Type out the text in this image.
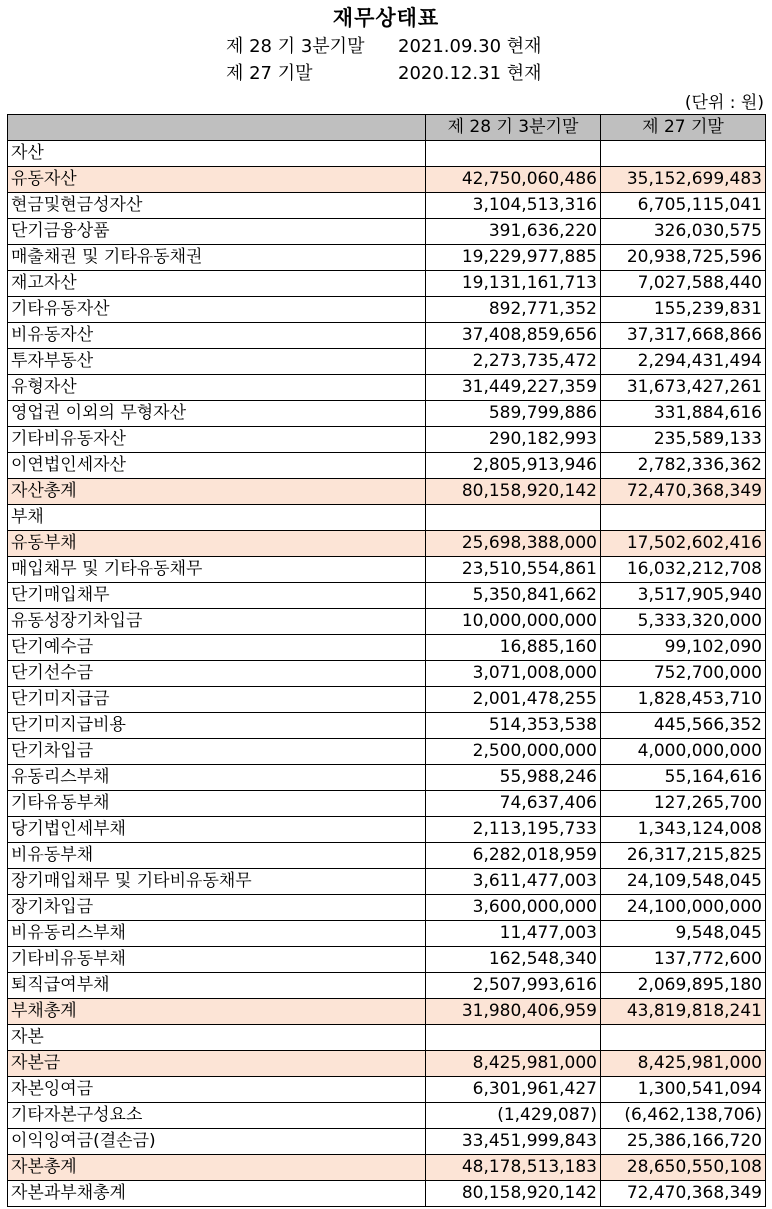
재무상태표
제 28 기 3분기말 2021.09.30 현재
제 27 기말	2020.12.31 현재
(단위 : 원)
	제 28 기 3분기말	제 27 기말
자산		
유동자산	42,750,060,486	35,152,699,483
현금및현금성자산	3,104,513,316	6,705,115,041
단기금융상품	391,636,220	326,030,575
매출채권 및 기타유동채권	19,229,977,885	20,938,725,596
재고자산	19,131,161,713	7,027,588,440
기타유동자산	892,771,352	155,239,831
비유동자산	37,408,859,656	37,317,668,866
투자부동산	2,273,735,472	2,294,431,494
유형자산	31,449,227,359	31,673,427,261
영업권 이외의 무형자산	589,799,886	331,884,616
기타비유동자산	290,182,993	235,589,133
이연법인세자산	2,805,913,946	2,782,336,362
자산총계	80,158,920,142	72,470,368,349
부채		
유동부채	25,698,388,000	17,502,602,416
매입채무 및 기타유동채무	23,510,554,861	16,032,212,708
단기매입채무	5,350,841,662	3,517,905,940
유동성장기차입금	10,000,000,000	5,333,320,000
단기예수금	16,885,160	99,102,090
단기선수금	3,071,008,000	752,700,000
단기미지급금	2,001,478,255	1,828,453,710
단기미지급비용	514,353,538	445,566,352
단기차입금	2,500,000,000	4,000,000,000
유동리스부채	55,988,246	55,164,616
기타유동부채	74,637,406	127,265,700
당기법인세부채	2,113,195,733	1,343,124,008
비유동부채	6,282,018,959	26,317,215,825
장기매입채무 및 기타비유동채무	3,611,477,003	24,109,548,045
장기차입금	3,600,000,000	24,100,000,000
비유동리스부채	11,477,003	9,548,045
기타비유동부채	162,548,340	137,772,600
퇴직급여부채	2,507,993,616	2,069,895,180
부채총계	31,980,406,959	43,819,818,241
자본		
자본금	8,425,981,000	8,425,981,000
자본잉여금	6,301,961,427	1,300,541,094
기타자본구성요소	(1,429,087)	(6,462,138,706)
이익잉여금(결손금)	33,451,999,843	25,386,166,720
자본총계	48,178,513,183	28,650,550,108
자본과부채총계	80,158,920,142	72,470,368,349
